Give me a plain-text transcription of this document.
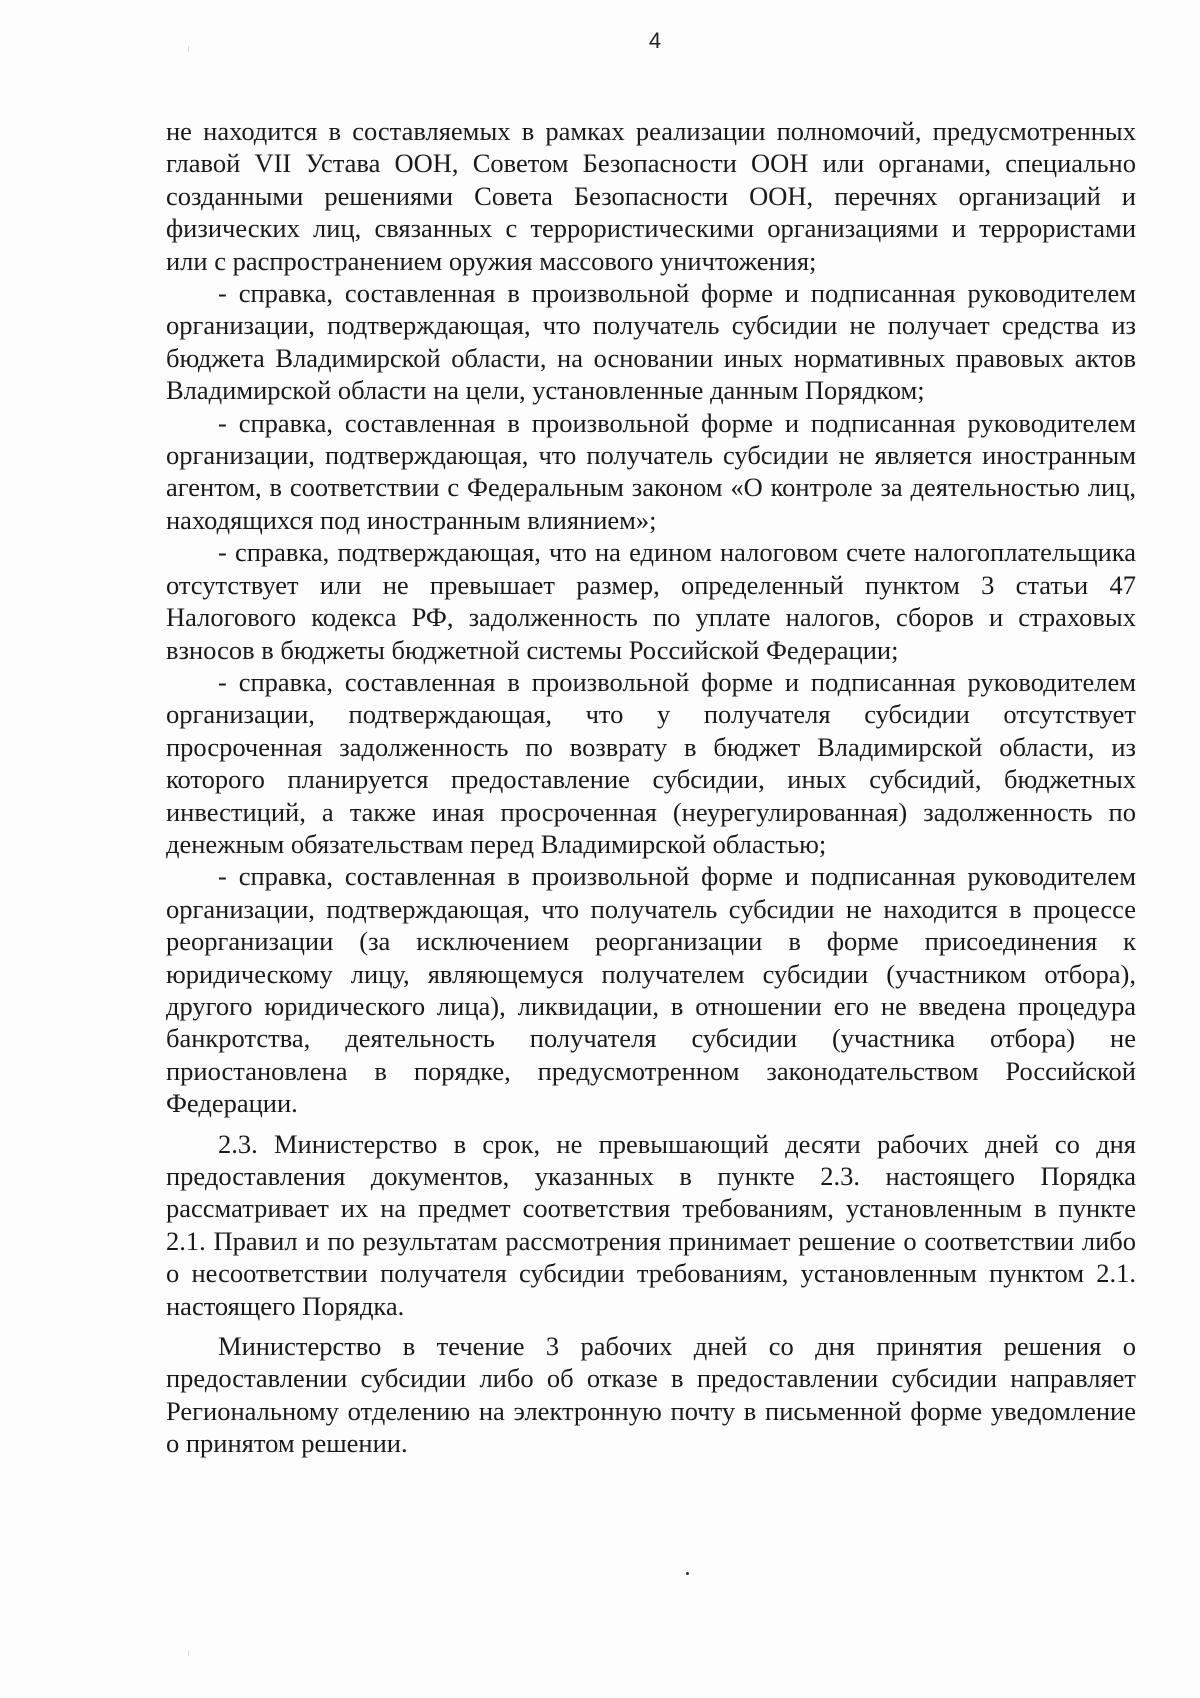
4

не находится в составляемых в рамках реализации полномочий, предусмотренных главой VII Устава ООН, Советом Безопасности ООН или органами, специально созданными решениями Совета Безопасности ООН, перечнях организаций и физических лиц, связанных с террористическими организациями и террористами или с распространением оружия массового уничтожения;

- справка, составленная в произвольной форме и подписанная руководителем организации, подтверждающая, что получатель субсидии не получает средства из бюджета Владимирской области, на основании иных нормативных правовых актов Владимирской области на цели, установленные данным Порядком;

- справка, составленная в произвольной форме и подписанная руководителем организации, подтверждающая, что получатель субсидии не является иностранным агентом, в соответствии с Федеральным законом «О контроле за деятельностью лиц, находящихся под иностранным влиянием»;

- справка, подтверждающая, что на едином налоговом счете налогоплательщика отсутствует или не превышает размер, определенный пунктом 3 статьи 47 Налогового кодекса РФ, задолженность по уплате налогов, сборов и страховых взносов в бюджеты бюджетной системы Российской Федерации;

- справка, составленная в произвольной форме и подписанная руководителем организации, подтверждающая, что у получателя субсидии отсутствует просроченная задолженность по возврату в бюджет Владимирской области, из которого планируется предоставление субсидии, иных субсидий, бюджетных инвестиций, а также иная просроченная (неурегулированная) задолженность по денежным обязательствам перед Владимирской областью;

- справка, составленная в произвольной форме и подписанная руководителем организации, подтверждающая, что получатель субсидии не находится в процессе реорганизации (за исключением реорганизации в форме присоединения к юридическому лицу, являющемуся получателем субсидии (участником отбора), другого юридического лица), ликвидации, в отношении его не введена процедура банкротства, деятельность получателя субсидии (участника отбора) не приостановлена в порядке, предусмотренном законодательством Российской Федерации.

2.3. Министерство в срок, не превышающий десяти рабочих дней со дня предоставления документов, указанных в пункте 2.3. настоящего Порядка рассматривает их на предмет соответствия требованиям, установленным в пункте 2.1. Правил и по результатам рассмотрения принимает решение о соответствии либо о несоответствии получателя субсидии требованиям, установленным пунктом 2.1. настоящего Порядка.

Министерство в течение 3 рабочих дней со дня принятия решения о предоставлении субсидии либо об отказе в предоставлении субсидии направляет Региональному отделению на электронную почту в письменной форме уведомление о принятом решении.
